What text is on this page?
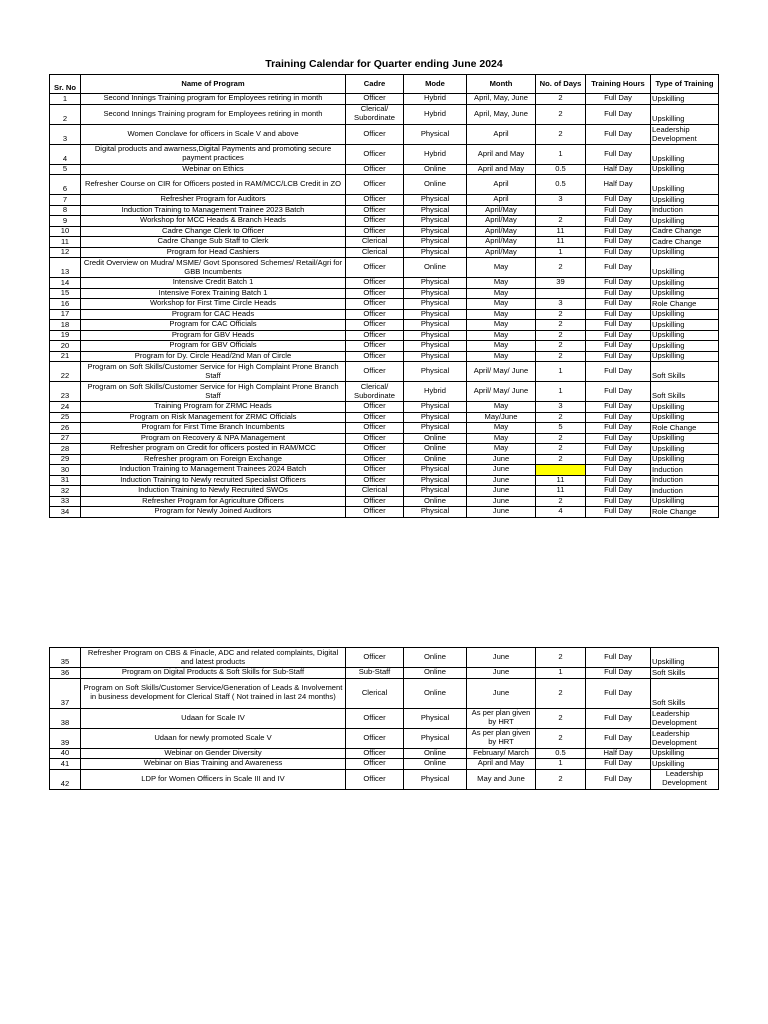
Training Calendar for Quarter ending June 2024
Sr. No	Name of Program	Cadre	Mode	Month	No. of Days	Training Hours	Type of Training
1	Second Innings Training program for Employees retiring in month	Officer	Hybrid	April, May, June	2	Full Day	Upskilling
2	Second Innings Training program for Employees retiring in month	Clerical/ Subordinate	Hybrid	April, May, June	2	Full Day	Upskilling
3	Women Conclave for officers in Scale V and above	Officer	Physical	April	2	Full Day	Leadership Development
4	Digital products and awarness,Digital Payments and promoting secure payment practices	Officer	Hybrid	April and May	1	Full Day	Upskilling
5	Webinar on Ethics	Officer	Online	April and May	0.5	Half Day	Upskilling
6	Refresher Course on CIR for Officers posted in RAM/MCC/LCB Credit in ZO	Officer	Online	April	0.5	Half Day	Upskilling
7	Refresher Program for Auditors	Officer	Physical	April	3	Full Day	Upskilling
8	Induction Training to Management Trainee 2023 Batch	Officer	Physical	April/May		Full Day	Induction
9	Workshop for MCC Heads & Branch Heads	Officer	Physical	April/May	2	Full Day	Upskilling
10	Cadre Change Clerk to Officer	Officer	Physical	April/May	11	Full Day	Cadre Change
11	Cadre Change Sub Staff to Clerk	Clerical	Physical	April/May	11	Full Day	Cadre Change
12	Program for Head Cashiers	Clerical	Physical	April/May	1	Full Day	Upskilling
13	Credit Overview on Mudra/ MSME/ Govt Sponsored Schemes/ Retail/Agri for GBB Incumbents	Officer	Online	May	2	Full Day	Upskilling
14	Intensive Credit Batch 1	Officer	Physical	May	39	Full Day	Upskilling
15	Intensive Forex Training Batch 1	Officer	Physical	May		Full Day	Upskilling
16	Workshop for First Time Circle Heads	Officer	Physical	May	3	Full Day	Role Change
17	Program for CAC Heads	Officer	Physical	May	2	Full Day	Upskilling
18	Program for CAC Officials	Officer	Physical	May	2	Full Day	Upskilling
19	Program for GBV Heads	Officer	Physical	May	2	Full Day	Upskilling
20	Program for GBV Officials	Officer	Physical	May	2	Full Day	Upskilling
21	Program for Dy. Circle Head/2nd Man of Circle	Officer	Physical	May	2	Full Day	Upskilling
22	Program on Soft Skills/Customer Service for High Complaint Prone Branch Staff	Officer	Physical	April/ May/ June	1	Full Day	Soft Skills
23	Program on Soft Skills/Customer Service for High Complaint Prone Branch Staff	Clerical/ Subordinate	Hybrid	April/ May/ June	1	Full Day	Soft Skills
24	Training Program for ZRMC Heads	Officer	Physical	May	3	Full Day	Upskilling
25	Program on Risk Management for ZRMC Officials	Officer	Physical	May/June	2	Full Day	Upskilling
26	Program for First Time Branch Incumbents	Officer	Physical	May	5	Full Day	Role Change
27	Program on Recovery & NPA Management	Officer	Online	May	2	Full Day	Upskilling
28	Refresher program on Credit for officers posted in RAM/MCC	Officer	Online	May	2	Full Day	Upskilling
29	Refresher program on Foreign Exchange	Officer	Online	June	2	Full Day	Upskilling
30	Induction Training to Management Trainees 2024 Batch	Officer	Physical	June		Full Day	Induction
31	Induction Training to Newly recruited Specialist Officers	Officer	Physical	June	11	Full Day	Induction
32	Induction Training to Newly Recruited SWOs	Clerical	Physical	June	11	Full Day	Induction
33	Refresher Program for Agriculture Officers	Officer	Online	June	2	Full Day	Upskilling
34	Program for Newly Joined Auditors	Officer	Physical	June	4	Full Day	Role Change
35	Refresher Program on CBS & Finacle, ADC and related complaints, Digital and latest products	Officer	Online	June	2	Full Day	Upskilling
36	Program on Digital Products & Soft Skills for Sub-Staff	Sub-Staff	Online	June	1	Full Day	Soft Skills
37	Program on Soft Skills/Customer Service/Generation of Leads & Involvement in business development for Clerical Staff ( Not trained in last 24 months)	Clerical	Online	June	2	Full Day	Soft Skills
38	Udaan for Scale IV	Officer	Physical	As per plan given by HRT	2	Full Day	Leadership Development
39	Udaan for newly promoted Scale V	Officer	Physical	As per plan given by HRT	2	Full Day	Leadership Development
40	Webinar on Gender Diversity	Officer	Online	February/ March	0.5	Half Day	Upskilling
41	Webinar on Bias Training and Awareness	Officer	Online	April and May	1	Full Day	Upskilling
42	LDP for Women Officers in Scale III and IV	Officer	Physical	May and June	2	Full Day	Leadership Development
